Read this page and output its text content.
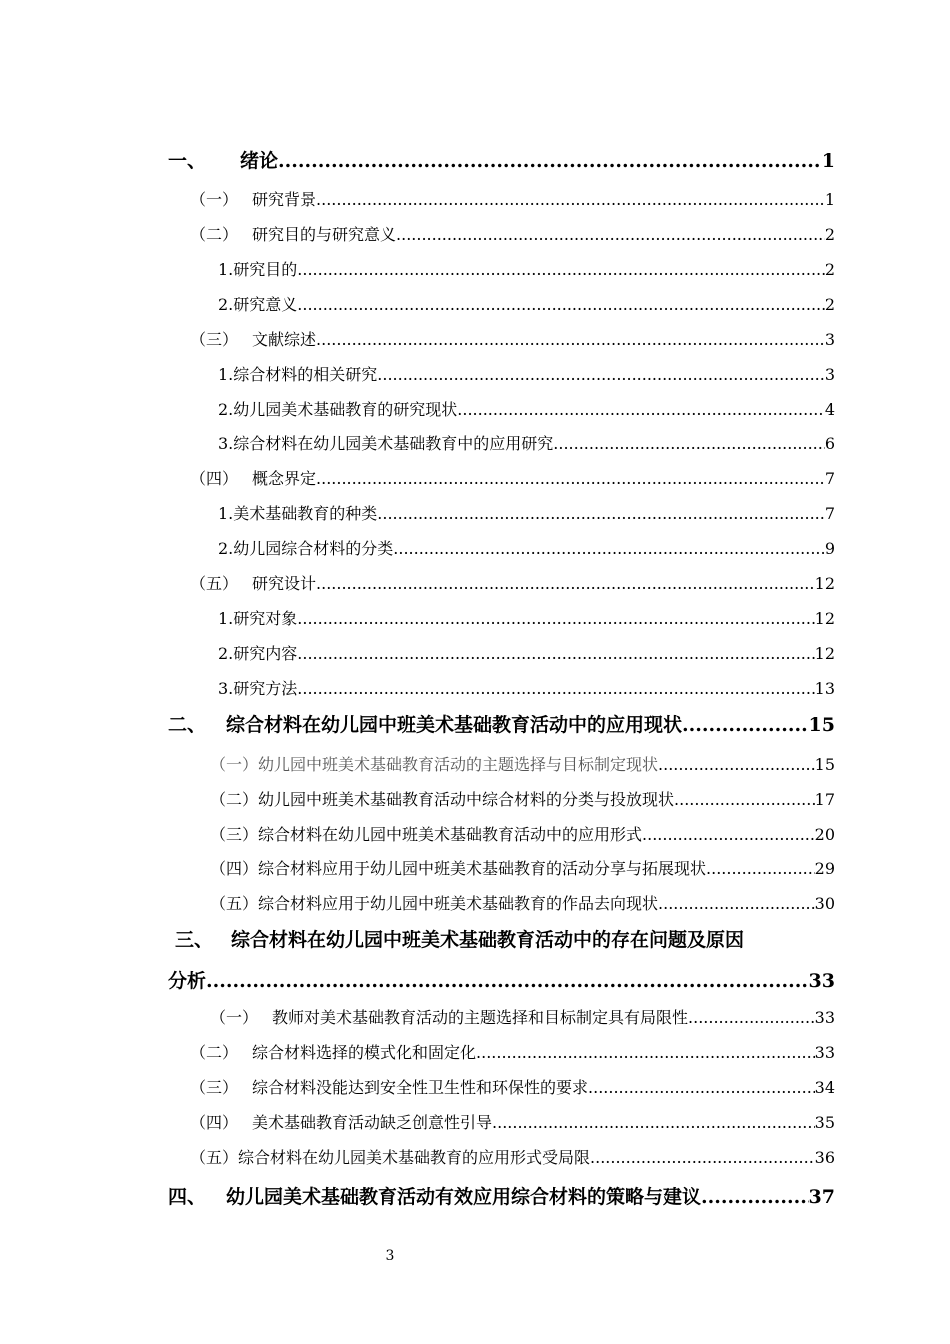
一、 绪论 .....	1
（一） 研究背景 .....	1
（二） 研究目的与研究意义 .....	2
1.研究目的 .....	2
2.研究意义 .....	2
（三） 文献综述 .....	3
1.综合材料的相关研究 .....	3
2.幼儿园美术基础教育的研究现状 .....	4
3.综合材料在幼儿园美术基础教育中的应用研究 .....	6
（四） 概念界定 .....	7
1.美术基础教育的种类 .....	7
2.幼儿园综合材料的分类 .....	9
（五） 研究设计 .....	12
1.研究对象 .....	12
2.研究内容 .....	12
3.研究方法 .....	13
二、 综合材料在幼儿园中班美术基础教育活动中的应用现状 .....	15
（一）幼儿园中班美术基础教育活动的主题选择与目标制定现状 .....	15
（二）幼儿园中班美术基础教育活动中综合材料的分类与投放现状 .....	17
（三）综合材料在幼儿园中班美术基础教育活动中的应用形式 .....	20
（四）综合材料应用于幼儿园中班美术基础教育的活动分享与拓展现状 .....	29
（五）综合材料应用于幼儿园中班美术基础教育的作品去向现状 .....	30
三、 综合材料在幼儿园中班美术基础教育活动中的存在问题及原因
分析 .....	33
（一） 教师对美术基础教育活动的主题选择和目标制定具有局限性 .....	33
（二） 综合材料选择的模式化和固定化 .....	33
（三） 综合材料没能达到安全性卫生性和环保性的要求 .....	34
（四） 美术基础教育活动缺乏创意性引导 .....	35
（五）综合材料在幼儿园美术基础教育的应用形式受局限 .....	36
四、 幼儿园美术基础教育活动有效应用综合材料的策略与建议 .....	37
3
